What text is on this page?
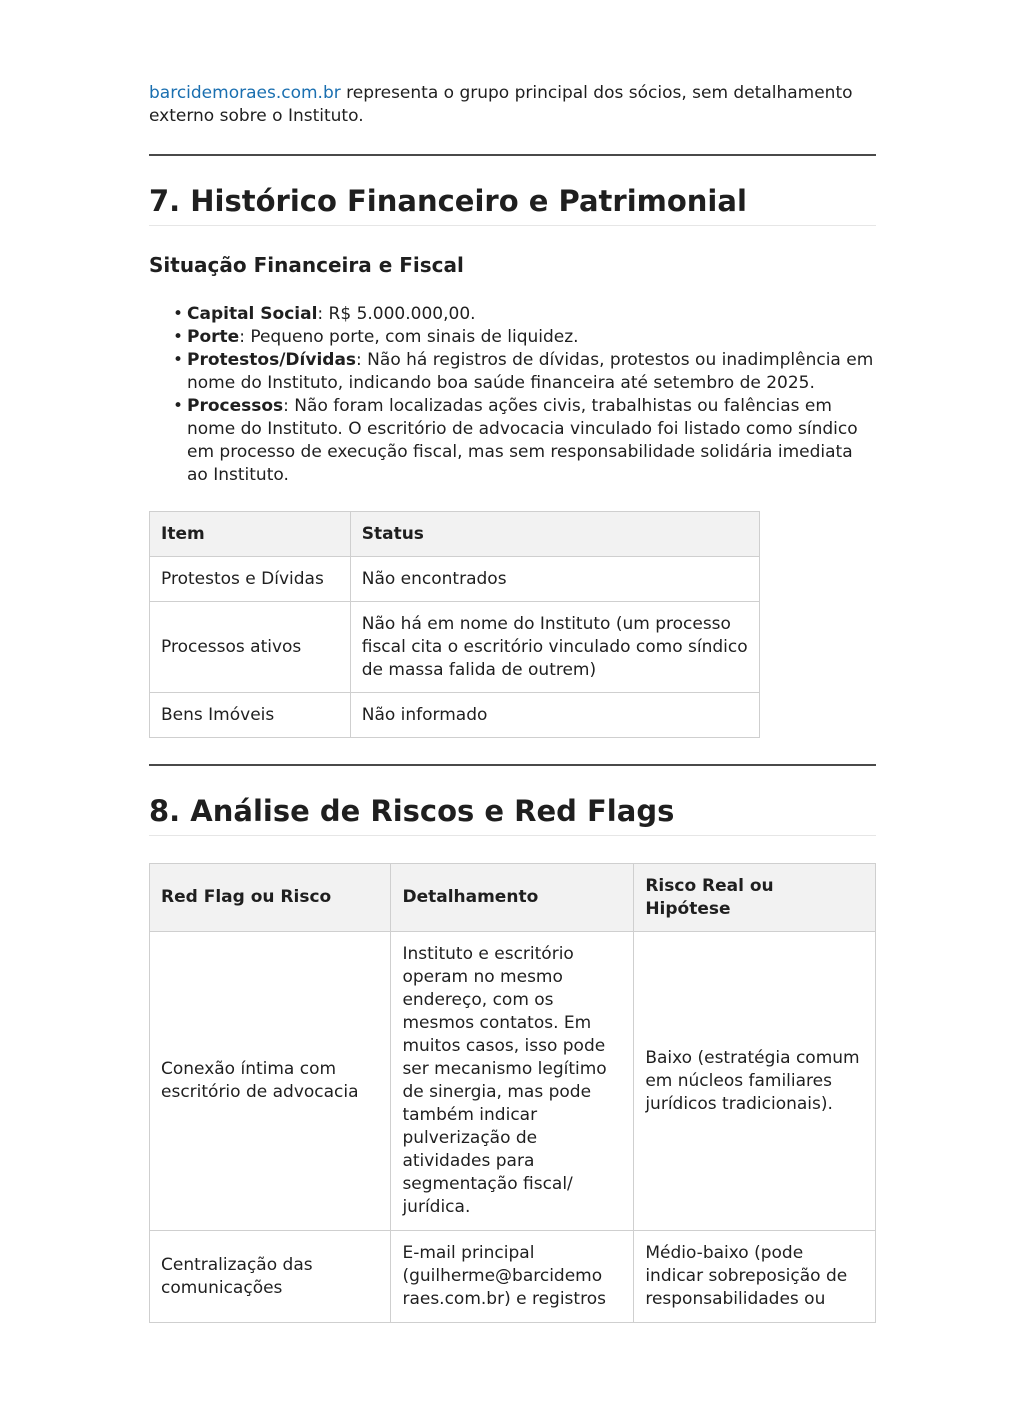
barcidemoraes.com.br representa o grupo principal dos sócios, sem detalhamento externo sobre o Instituto.

7. Histórico Financeiro e Patrimonial
Situação Financeira e Fiscal
• Capital Social: R$ 5.000.000,00.
• Porte: Pequeno porte, com sinais de liquidez.
• Protestos/Dívidas: Não há registros de dívidas, protestos ou inadimplência em nome do Instituto, indicando boa saúde financeira até setembro de 2025.
• Processos: Não foram localizadas ações civis, trabalhistas ou falências em nome do Instituto. O escritório de advocacia vinculado foi listado como síndico em processo de execução fiscal, mas sem responsabilidade solidária imediata ao Instituto.
Item	Status
Protestos e Dívidas	Não encontrados
Processos ativos	Não há em nome do Instituto (um processo fiscal cita o escritório vinculado como síndico de massa falida de outrem)
Bens Imóveis	Não informado
8. Análise de Riscos e Red Flags
Red Flag ou Risco	Detalhamento	Risco Real ou Hipótese
Conexão íntima com escritório de advocacia	Instituto e escritório operam no mesmo endereço, com os mesmos contatos. Em muitos casos, isso pode ser mecanismo legítimo de sinergia, mas pode também indicar pulverização de atividades para segmentação fiscal/ jurídica.	Baixo (estratégia comum em núcleos familiares jurídicos tradicionais).
Centralização das comunicações	E-mail principal (guilherme@barcidemo raes.com.br) e registros	Médio-baixo (pode indicar sobreposição de responsabilidades ou
